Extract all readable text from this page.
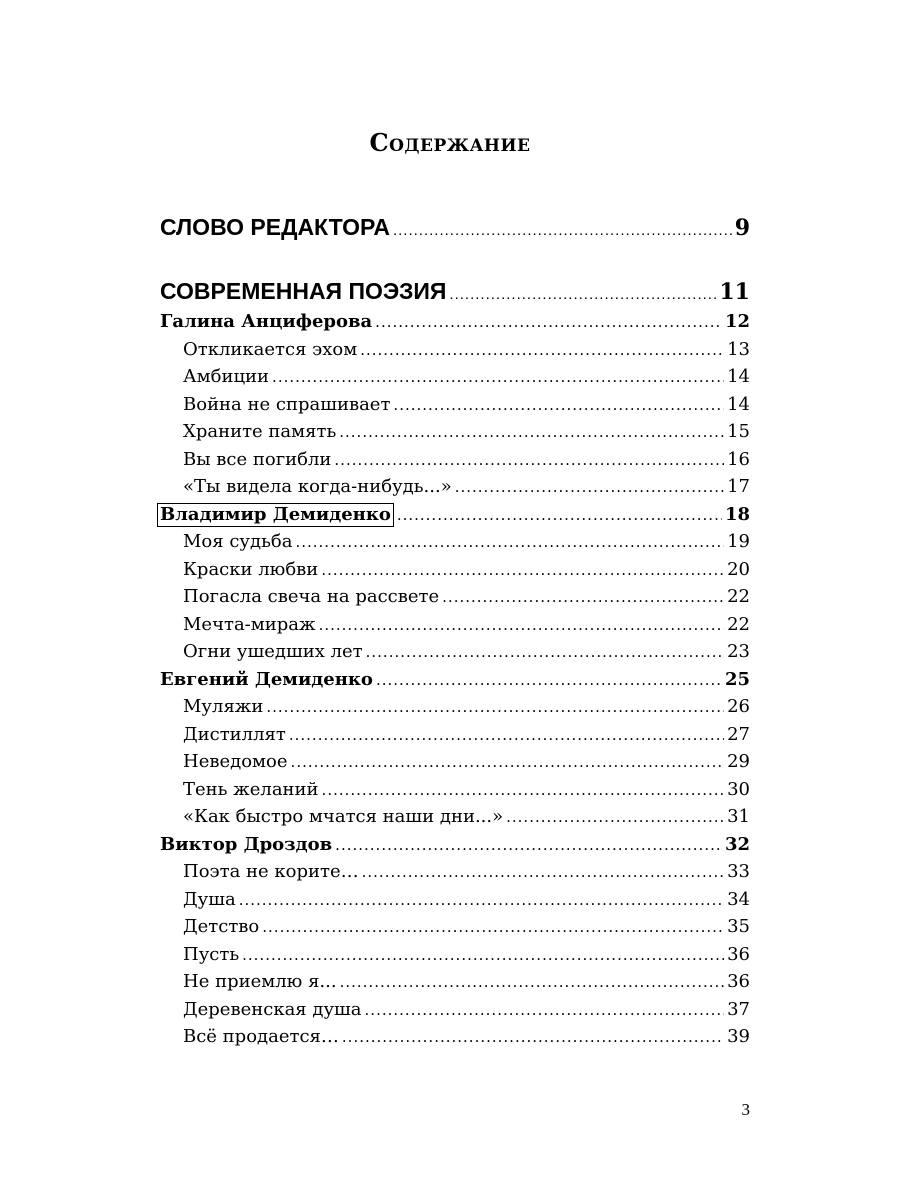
Содержание
СЛОВО РЕДАКТОРА .....	9
СОВРЕМЕННАЯ ПОЭЗИЯ .....	11
Галина Анциферова .....	12
Откликается эхом .....	13
Амбиции .....	14
Война не спрашивает .....	14
Храните память .....	15
Вы все погибли .....	16
«Ты видела когда-нибудь...» .....	17
Владимир Демиденко .....	18
Моя судьба .....	19
Краски любви .....	20
Погасла свеча на рассвете .....	22
Мечта-мираж .....	22
Огни ушедших лет .....	23
Евгений Демиденко .....	25
Муляжи .....	26
Дистиллят .....	27
Неведомое .....	29
Тень желаний .....	30
«Как быстро мчатся наши дни...» .....	31
Виктор Дроздов .....	32
Поэта не корите… .....	33
Душа .....	34
Детство .....	35
Пусть .....	36
Не приемлю я... .....	36
Деревенская душа .....	37
Всё продается… .....	39
3
